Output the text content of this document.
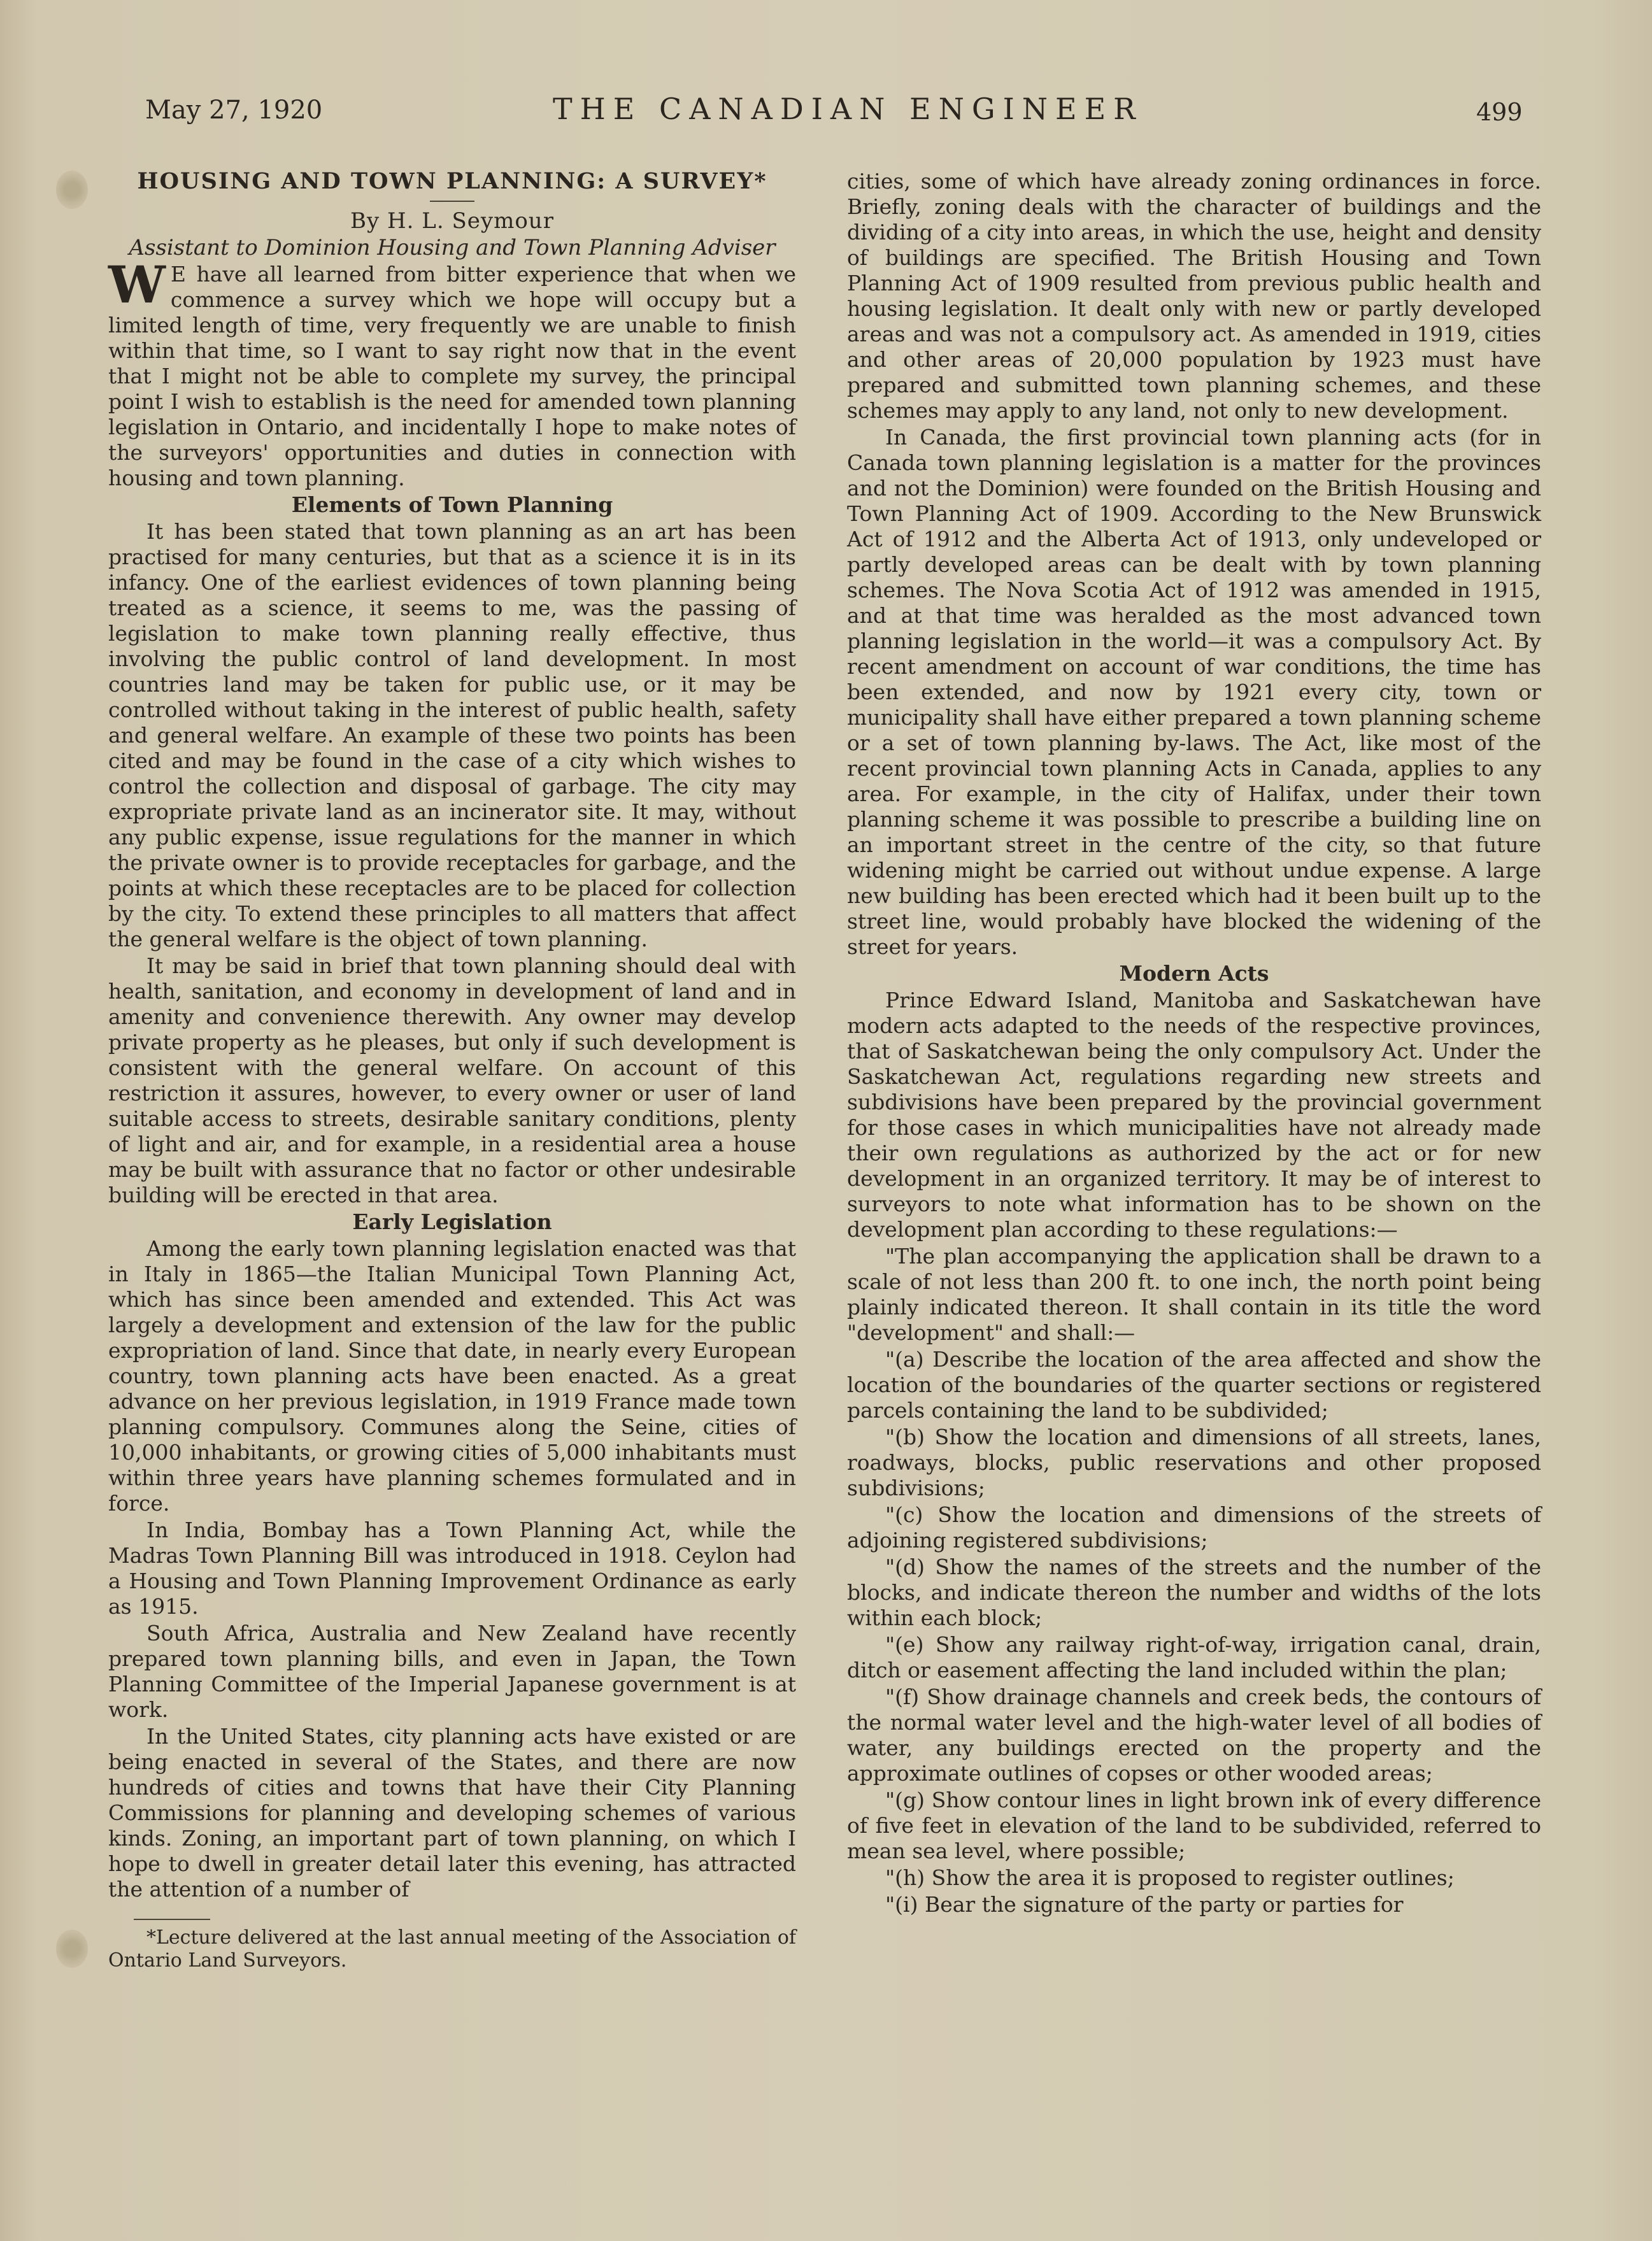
May 27, 1920	THE CANADIAN ENGINEER	499

HOUSING AND TOWN PLANNING: A SURVEY*

By H. L. Seymour

Assistant to Dominion Housing and Town Planning Adviser

W E have all learned from bitter experience that when we commence a survey which we hope will occupy but a limited length of time, very frequently we are unable to finish within that time, so I want to say right now that in the event that I might not be able to complete my survey, the principal point I wish to establish is the need for amended town planning legislation in Ontario, and incidentally I hope to make notes of the surveyors' opportunities and duties in connection with housing and town planning.

Elements of Town Planning

It has been stated that town planning as an art has been practised for many centuries, but that as a science it is in its infancy. One of the earliest evidences of town planning being treated as a science, it seems to me, was the passing of legislation to make town planning really effective, thus involving the public control of land development. In most countries land may be taken for public use, or it may be controlled without taking in the interest of public health, safety and general welfare. An example of these two points has been cited and may be found in the case of a city which wishes to control the collection and disposal of garbage. The city may expropriate private land as an incinerator site. It may, without any public expense, issue regulations for the manner in which the private owner is to provide receptacles for garbage, and the points at which these receptacles are to be placed for collection by the city. To extend these principles to all matters that affect the general welfare is the object of town planning.

It may be said in brief that town planning should deal with health, sanitation, and economy in development of land and in amenity and convenience therewith. Any owner may develop private property as he pleases, but only if such development is consistent with the general welfare. On account of this restriction it assures, however, to every owner or user of land suitable access to streets, desirable sanitary conditions, plenty of light and air, and for example, in a residential area a house may be built with assurance that no factor or other undesirable building will be erected in that area.

Early Legislation

Among the early town planning legislation enacted was that in Italy in 1865—the Italian Municipal Town Planning Act, which has since been amended and extended. This Act was largely a development and extension of the law for the public expropriation of land. Since that date, in nearly every European country, town planning acts have been enacted. As a great advance on her previous legislation, in 1919 France made town planning compulsory. Communes along the Seine, cities of 10,000 inhabitants, or growing cities of 5,000 inhabitants must within three years have planning schemes formulated and in force.

In India, Bombay has a Town Planning Act, while the Madras Town Planning Bill was introduced in 1918. Ceylon had a Housing and Town Planning Improvement Ordinance as early as 1915.

South Africa, Australia and New Zealand have recently prepared town planning bills, and even in Japan, the Town Planning Committee of the Imperial Japanese government is at work.

In the United States, city planning acts have existed or are being enacted in several of the States, and there are now hundreds of cities and towns that have their City Planning Commissions for planning and developing schemes of various kinds. Zoning, an important part of town planning, on which I hope to dwell in greater detail later this evening, has attracted the attention of a number of

*Lecture delivered at the last annual meeting of the Association of Ontario Land Surveyors.

cities, some of which have already zoning ordinances in force. Briefly, zoning deals with the character of buildings and the dividing of a city into areas, in which the use, height and density of buildings are specified. The British Housing and Town Planning Act of 1909 resulted from previous public health and housing legislation. It dealt only with new or partly developed areas and was not a compulsory act. As amended in 1919, cities and other areas of 20,000 population by 1923 must have prepared and submitted town planning schemes, and these schemes may apply to any land, not only to new development.

In Canada, the first provincial town planning acts (for in Canada town planning legislation is a matter for the provinces and not the Dominion) were founded on the British Housing and Town Planning Act of 1909. According to the New Brunswick Act of 1912 and the Alberta Act of 1913, only undeveloped or partly developed areas can be dealt with by town planning schemes. The Nova Scotia Act of 1912 was amended in 1915, and at that time was heralded as the most advanced town planning legislation in the world—it was a compulsory Act. By recent amendment on account of war conditions, the time has been extended, and now by 1921 every city, town or municipality shall have either prepared a town planning scheme or a set of town planning by-laws. The Act, like most of the recent provincial town planning Acts in Canada, applies to any area. For example, in the city of Halifax, under their town planning scheme it was possible to prescribe a building line on an important street in the centre of the city, so that future widening might be carried out without undue expense. A large new building has been erected which had it been built up to the street line, would probably have blocked the widening of the street for years.

Modern Acts

Prince Edward Island, Manitoba and Saskatchewan have modern acts adapted to the needs of the respective provinces, that of Saskatchewan being the only compulsory Act. Under the Saskatchewan Act, regulations regarding new streets and subdivisions have been prepared by the provincial government for those cases in which municipalities have not already made their own regulations as authorized by the act or for new development in an organized territory. It may be of interest to surveyors to note what information has to be shown on the development plan according to these regulations:—

"The plan accompanying the application shall be drawn to a scale of not less than 200 ft. to one inch, the north point being plainly indicated thereon. It shall contain in its title the word "development" and shall:—

"(a) Describe the location of the area affected and show the location of the boundaries of the quarter sections or registered parcels containing the land to be subdivided;

"(b) Show the location and dimensions of all streets, lanes, roadways, blocks, public reservations and other proposed subdivisions;

"(c) Show the location and dimensions of the streets of adjoining registered subdivisions;

"(d) Show the names of the streets and the number of the blocks, and indicate thereon the number and widths of the lots within each block;

"(e) Show any railway right-of-way, irrigation canal, drain, ditch or easement affecting the land included within the plan;

"(f) Show drainage channels and creek beds, the contours of the normal water level and the high-water level of all bodies of water, any buildings erected on the property and the approximate outlines of copses or other wooded areas;

"(g) Show contour lines in light brown ink of every difference of five feet in elevation of the land to be subdivided, referred to mean sea level, where possible;

"(h) Show the area it is proposed to register outlines;

"(i) Bear the signature of the party or parties for
